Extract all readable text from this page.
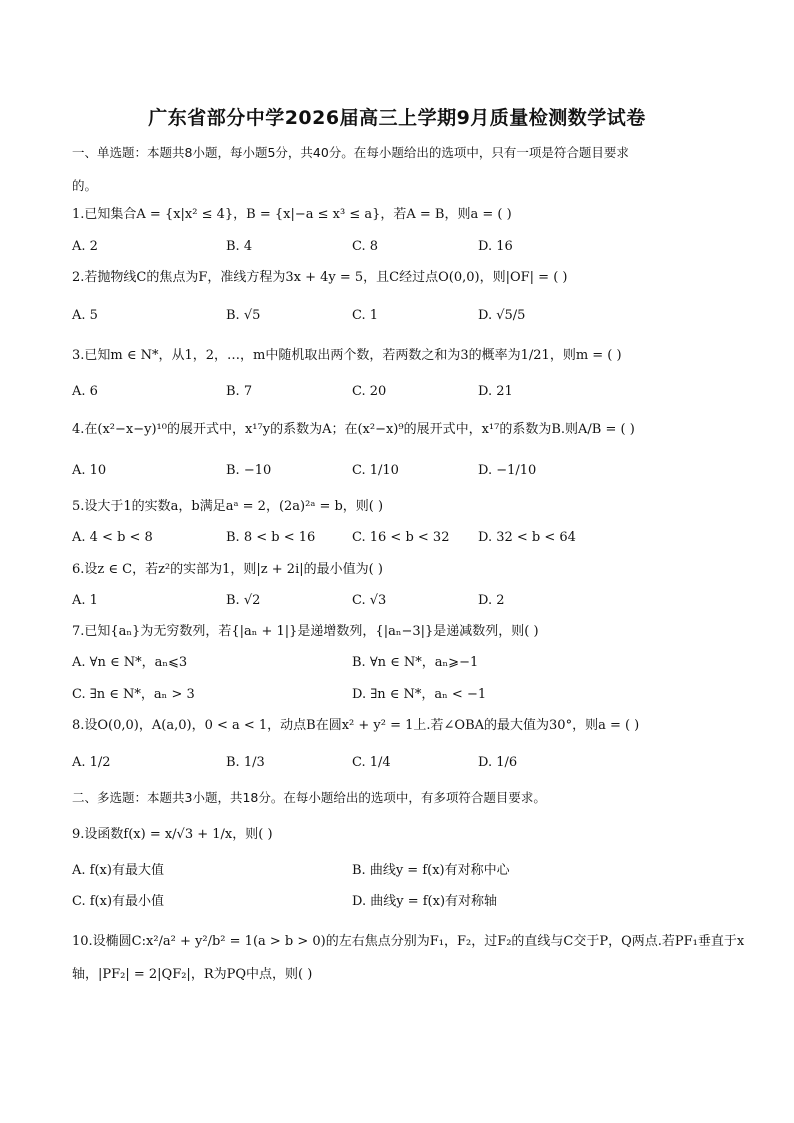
广东省部分中学2026届高三上学期9月质量检测数学试卷
一、单选题：本题共8小题，每小题5分，共40分。在每小题给出的选项中，只有一项是符合题目要求
的。
1.已知集合A = {x|x² ≤ 4}，B = {x|−a ≤ x³ ≤ a}，若A = B，则a = ( )
A. 2	B. 4	C. 8	D. 16
2.若抛物线C的焦点为F，准线方程为3x + 4y = 5，且C经过点O(0,0)，则|OF| = ( )
A. 5	B. √5	C. 1	D. √5/5
3.已知m ∈ N*，从1，2，…，m中随机取出两个数，若两数之和为3的概率为1/21，则m = ( )
A. 6	B. 7	C. 20	D. 21
4.在(x²−x−y)¹⁰的展开式中，x¹⁷y的系数为A；在(x²−x)⁹的展开式中，x¹⁷的系数为B.则A/B = ( )
A. 10	B. −10	C. 1/10	D. −1/10
5.设大于1的实数a，b满足aᵃ = 2，(2a)²ᵃ = b，则( )
A. 4 < b < 8	B. 8 < b < 16	C. 16 < b < 32 D. 32 < b < 64
6.设z ∈ C，若z²的实部为1，则|z + 2i|的最小值为( )
A. 1	B. √2	C. √3	D. 2
7.已知{aₙ}为无穷数列，若{|aₙ + 1|}是递增数列，{|aₙ−3|}是递减数列，则( )
A. ∀n ∈ N*，aₙ⩽3	B. ∀n ∈ N*，aₙ⩾−1
C. ∃n ∈ N*，aₙ > 3	D. ∃n ∈ N*，aₙ < −1
8.设O(0,0)，A(a,0)，0 < a < 1，动点B在圆x² + y² = 1上.若∠OBA的最大值为30°，则a = ( )
A. 1/2	B. 1/3	C. 1/4	D. 1/6
二、多选题：本题共3小题，共18分。在每小题给出的选项中，有多项符合题目要求。
9.设函数f(x) = x/√3 + 1/x，则( )
A. f(x)有最大值	B. 曲线y = f(x)有对称中心
C. f(x)有最小值	D. 曲线y = f(x)有对称轴
10.设椭圆C:x²/a² + y²/b² = 1(a > b > 0)的左右焦点分别为F₁，F₂，过F₂的直线与C交于P，Q两点.若PF₁垂直于x
轴，|PF₂| = 2|QF₂|，R为PQ中点，则( )
